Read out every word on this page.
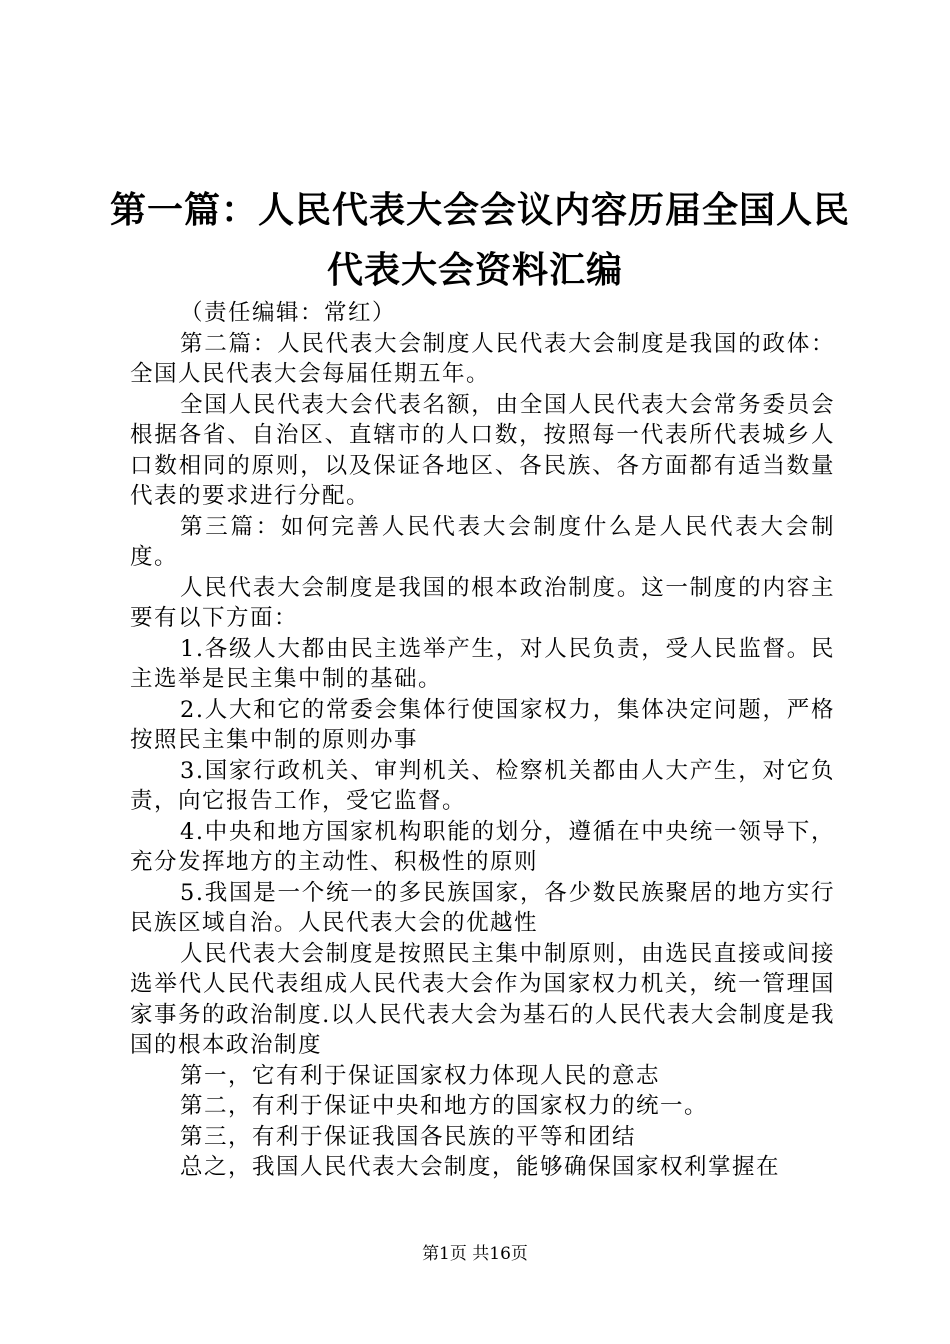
第一篇：人民代表大会会议内容历届全国人民
代表大会资料汇编

（责任编辑：常红）

第二篇：人民代表大会制度人民代表大会制度是我国的政体：全国人民代表大会每届任期五年。

全国人民代表大会代表名额，由全国人民代表大会常务委员会根据各省、自治区、直辖市的人口数，按照每一代表所代表城乡人口数相同的原则，以及保证各地区、各民族、各方面都有适当数量代表的要求进行分配。

第三篇：如何完善人民代表大会制度什么是人民代表大会制度。

人民代表大会制度是我国的根本政治制度。这一制度的内容主要有以下方面：

1.各级人大都由民主选举产生，对人民负责，受人民监督。民主选举是民主集中制的基础。

2.人大和它的常委会集体行使国家权力，集体决定问题，严格按照民主集中制的原则办事

3.国家行政机关、审判机关、检察机关都由人大产生，对它负责，向它报告工作，受它监督。

4.中央和地方国家机构职能的划分，遵循在中央统一领导下，充分发挥地方的主动性、积极性的原则

5.我国是一个统一的多民族国家，各少数民族聚居的地方实行民族区域自治。人民代表大会的优越性

人民代表大会制度是按照民主集中制原则，由选民直接或间接选举代人民代表组成人民代表大会作为国家权力机关，统一管理国家事务的政治制度.以人民代表大会为基石的人民代表大会制度是我国的根本政治制度

第一，它有利于保证国家权力体现人民的意志

第二，有利于保证中央和地方的国家权力的统一。

第三，有利于保证我国各民族的平等和团结

总之，我国人民代表大会制度，能够确保国家权利掌握在

第1页 共16页
